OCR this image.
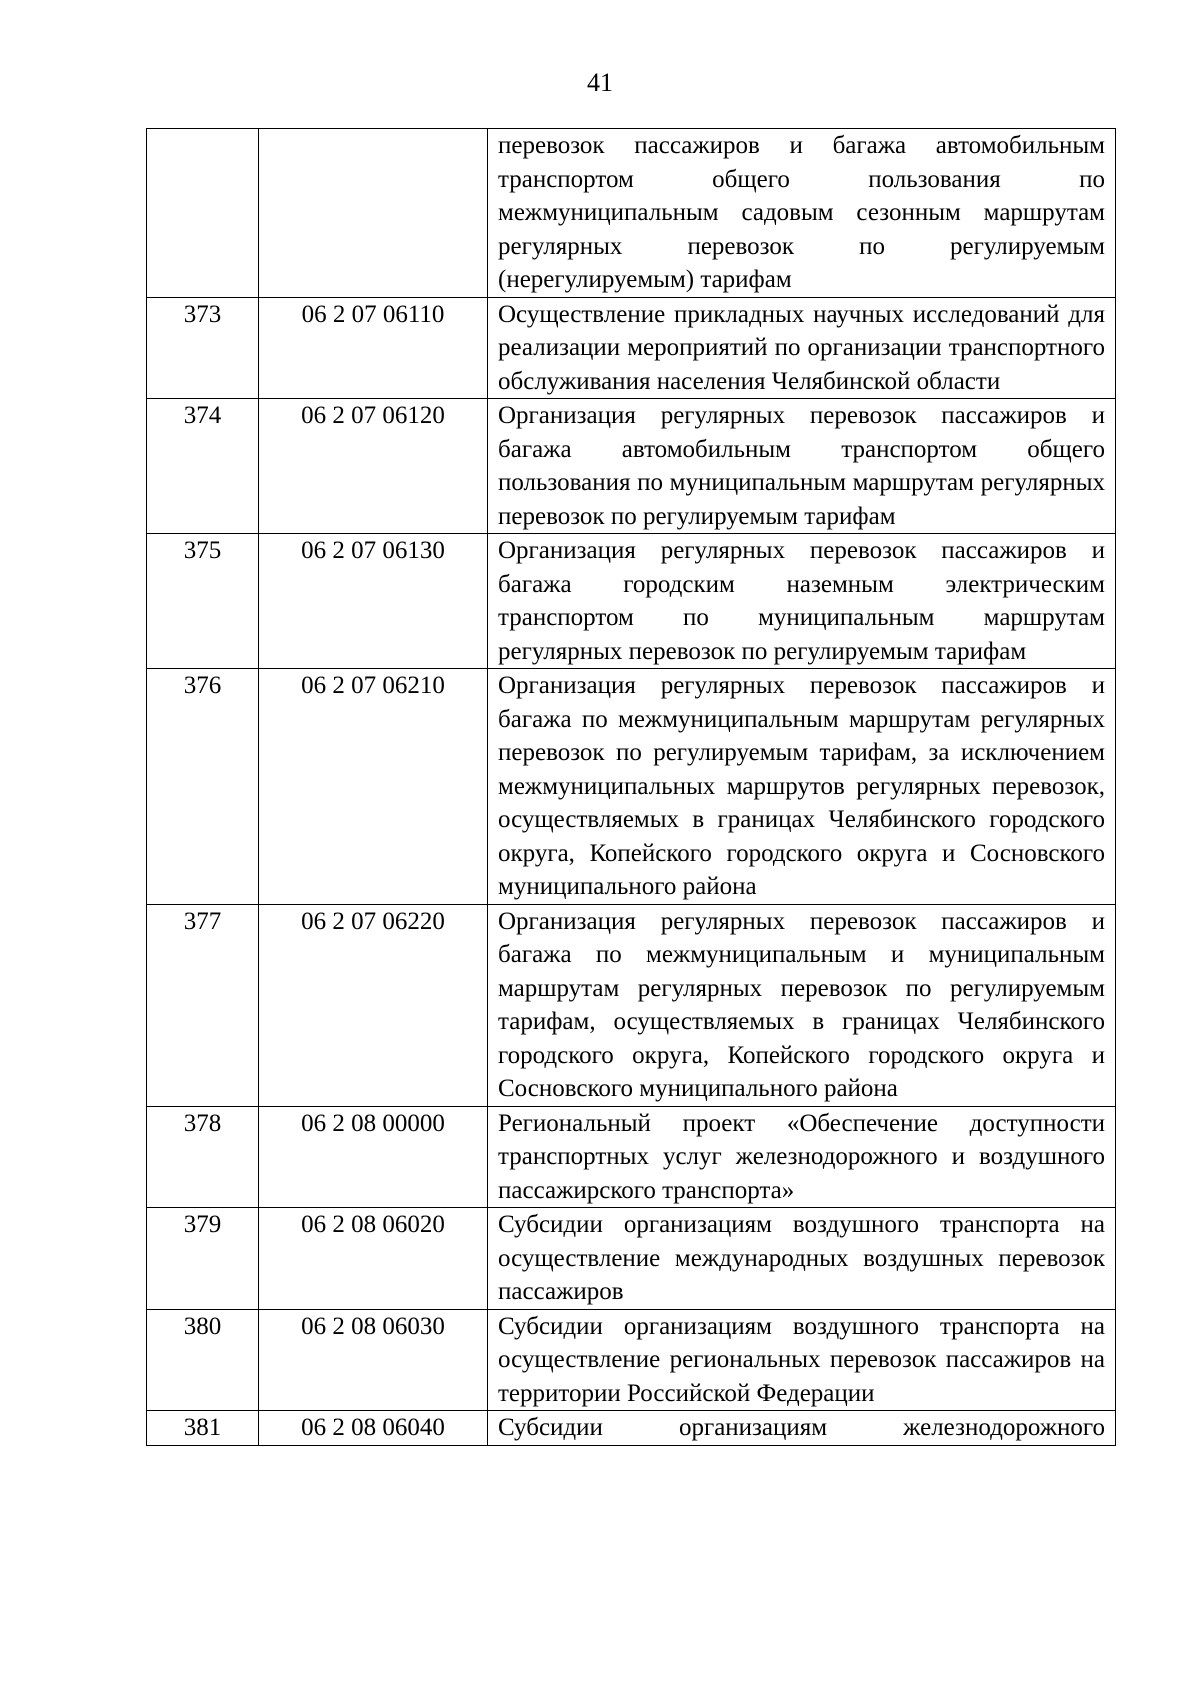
41
		перевозок пассажиров и багажа автомобильным транспортом общего пользования по межмуниципальным садовым сезонным маршрутам регулярных перевозок по регулируемым (нерегулируемым) тарифам
373	06 2 07 06110	Осуществление прикладных научных исследований для реализации мероприятий по организации транспортного обслуживания населения Челябинской области
374	06 2 07 06120	Организация регулярных перевозок пассажиров и багажа автомобильным транспортом общего пользования по муниципальным маршрутам регулярных перевозок по регулируемым тарифам
375	06 2 07 06130	Организация регулярных перевозок пассажиров и багажа городским наземным электрическим транспортом по муниципальным маршрутам регулярных перевозок по регулируемым тарифам
376	06 2 07 06210	Организация регулярных перевозок пассажиров и багажа по межмуниципальным маршрутам регулярных перевозок по регулируемым тарифам, за исключением межмуниципальных маршрутов регулярных перевозок, осуществляемых в границах Челябинского городского округа, Копейского городского округа и Сосновского муниципального района
377	06 2 07 06220	Организация регулярных перевозок пассажиров и багажа по межмуниципальным и муниципальным маршрутам регулярных перевозок по регулируемым тарифам, осуществляемых в границах Челябинского городского округа, Копейского городского округа и Сосновского муниципального района
378	06 2 08 00000	Региональный проект «Обеспечение доступности транспортных услуг железнодорожного и воздушного пассажирского транспорта»
379	06 2 08 06020	Субсидии организациям воздушного транспорта на осуществление международных воздушных перевозок пассажиров
380	06 2 08 06030	Субсидии организациям воздушного транспорта на осуществление региональных перевозок пассажиров на территории Российской Федерации
381	06 2 08 06040	Субсидии организациям железнодорожного
